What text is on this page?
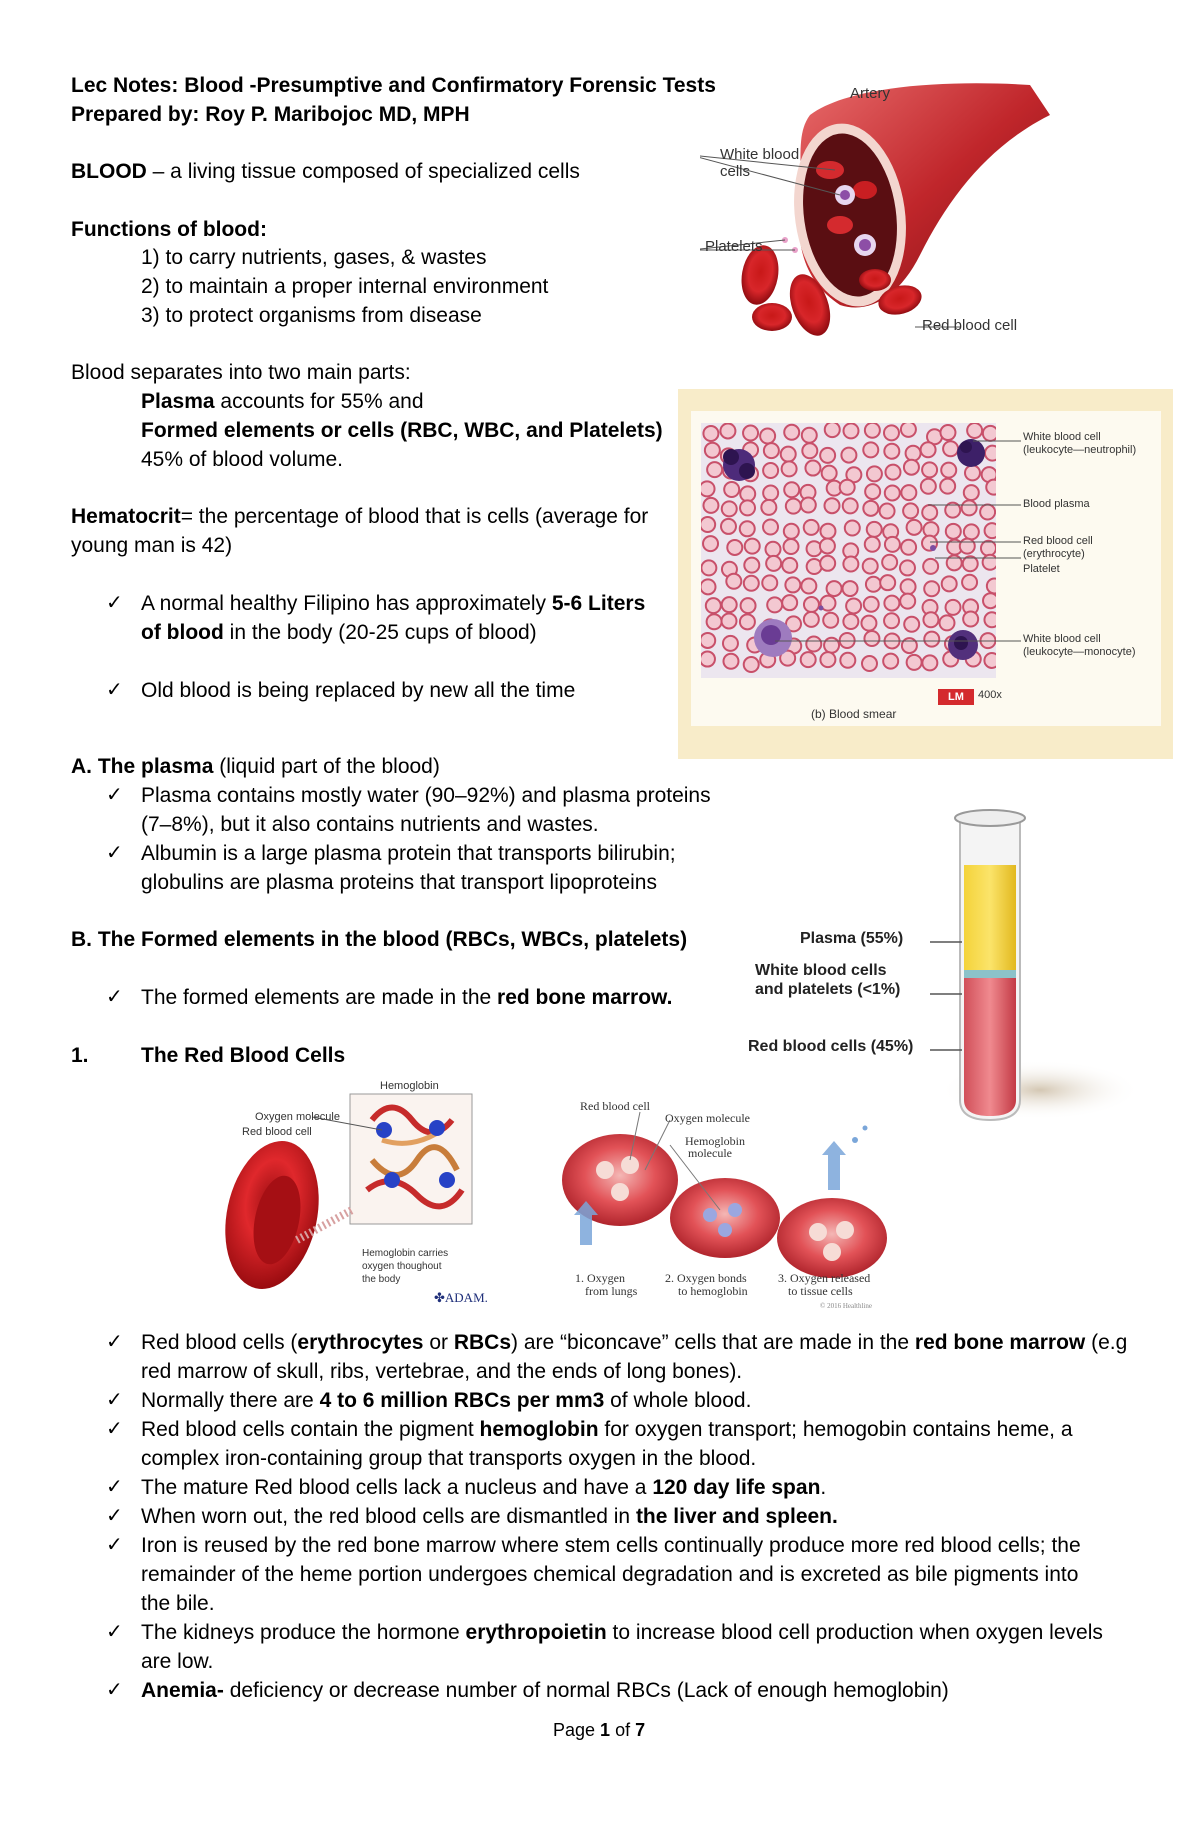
Lec Notes: Blood -Presumptive and Confirmatory Forensic Tests
Prepared by: Roy P. Maribojoc MD, MPH
BLOOD – a living tissue composed of specialized cells
Functions of blood:
1) to carry nutrients, gases, & wastes
2) to maintain a proper internal environment
3) to protect organisms from disease
Blood separates into two main parts:
Plasma accounts for 55% and
Formed elements or cells (RBC, WBC, and Platelets)
45% of blood volume.
Hematocrit= the percentage of blood that is cells (average for
young man is 42)
✓ A normal healthy Filipino has approximately 5-6 Liters
of blood in the body (20-25 cups of blood)
✓ Old blood is being replaced by new all the time
A. The plasma (liquid part of the blood)
✓ Plasma contains mostly water (90–92%) and plasma proteins
(7–8%), but it also contains nutrients and wastes.
✓ Albumin is a large plasma protein that transports bilirubin;
globulins are plasma proteins that transport lipoproteins
B. The Formed elements in the blood (RBCs, WBCs, platelets)
✓ The formed elements are made in the red bone marrow.
1. The Red Blood Cells
✓ Red blood cells (erythrocytes or RBCs) are “biconcave” cells that are made in the red bone marrow (e.g
red marrow of skull, ribs, vertebrae, and the ends of long bones).
✓ Normally there are 4 to 6 million RBCs per mm3 of whole blood.
✓ Red blood cells contain the pigment hemoglobin for oxygen transport; hemogobin contains heme, a
complex iron-containing group that transports oxygen in the blood.
✓ The mature Red blood cells lack a nucleus and have a 120 day life span.
✓ When worn out, the red blood cells are dismantled in the liver and spleen.
✓ Iron is reused by the red bone marrow where stem cells continually produce more red blood cells; the
remainder of the heme portion undergoes chemical degradation and is excreted as bile pigments into
the bile.
✓ The kidneys produce the hormone erythropoietin to increase blood cell production when oxygen levels
are low.
✓ Anemia- deficiency or decrease number of normal RBCs (Lack of enough hemoglobin)
Page 1 of 7
Artery
White blood
cells
Platelets
Red blood cell
LM	400x
(b) Blood smear
White blood cell
(leukocyte—neutrophil)
Blood plasma
Red blood cell
(erythrocyte)
Platelet
White blood cell
(leukocyte—monocyte)
Plasma (55%)
White blood cells
and platelets (<1%)
Red blood cells (45%)
Hemoglobin
Oxygen molecule
Red blood cell
Hemoglobin carries
oxygen thoughout
the body
✤ADAM.
Red blood cell
Oxygen molecule
Hemoglobin
molecule
1. Oxygen
from lungs
2. Oxygen bonds
to hemoglobin
3. Oxygen released
to tissue cells
© 2016 Healthline
